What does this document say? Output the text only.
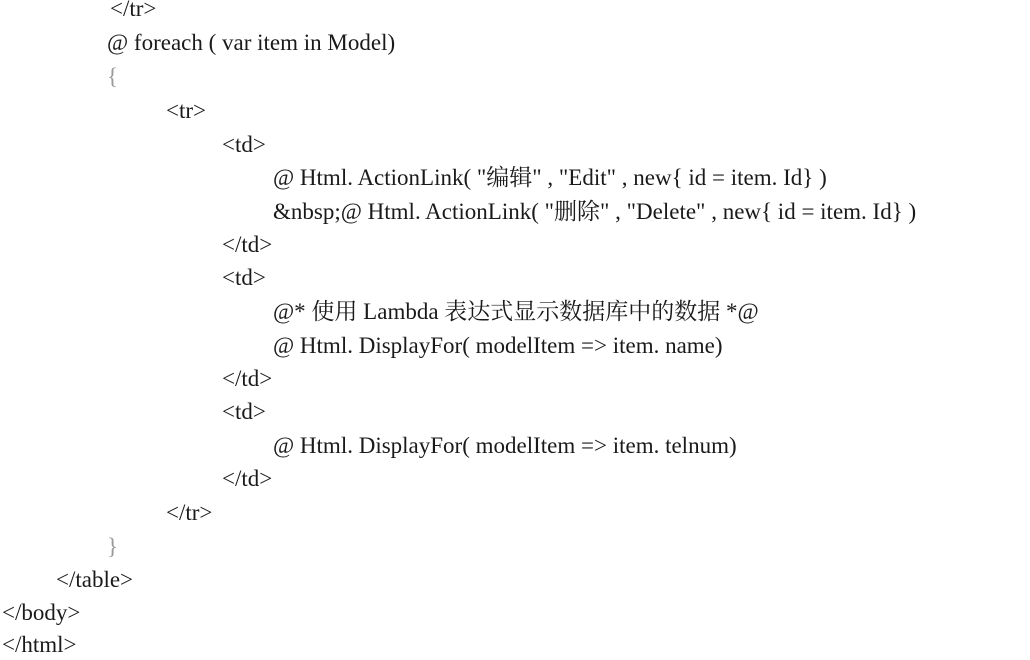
</tr>
@ foreach ( var item in Model)
{
<tr>
<td>
@ Html. ActionLink( "编辑" , "Edit" , new{ id = item. Id} )
&nbsp;@ Html. ActionLink( "删除" , "Delete" , new{ id = item. Id} )
</td>
<td>
@* 使用 Lambda 表达式显示数据库中的数据 *@
@ Html. DisplayFor( modelItem => item. name)
</td>
<td>
@ Html. DisplayFor( modelItem => item. telnum)
</td>
</tr>
}
</table>
</body>
</html>
